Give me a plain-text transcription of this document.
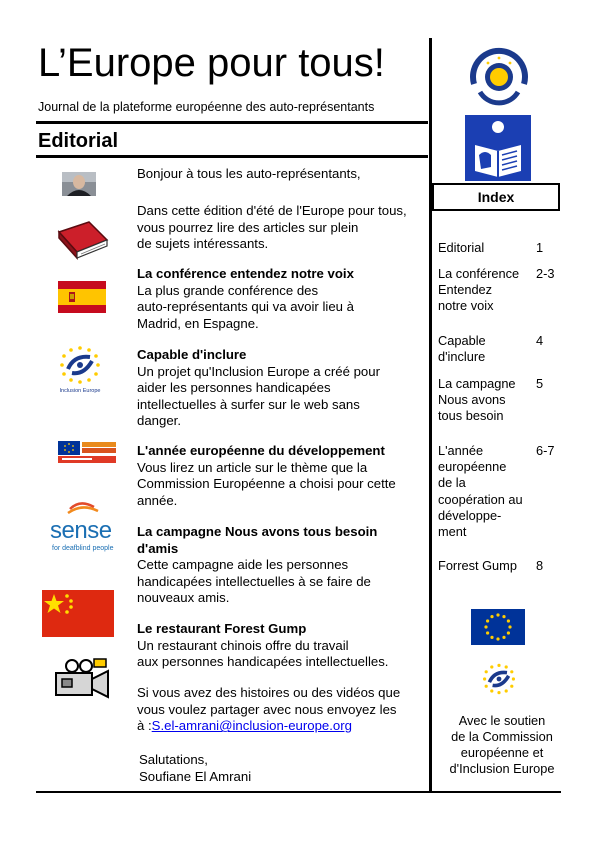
L’Europe pour tous!
Journal de la plateforme européenne des auto-représentants
Editorial
Inclusion Europe
sense
for deafblind people
Bonjour à tous les auto-représentants,
Dans cette édition d'été de l'Europe pour tous,
vous pourrez lire des articles sur plein
de sujets intéressants.
La conférence entendez notre voix
La plus grande conférence des
auto-représentants qui va avoir lieu à
Madrid, en Espagne.
Capable d'inclure
Un projet qu'Inclusion Europe a créé pour
aider les personnes handicapées
intellectuelles à surfer sur le web sans
danger.
L'année européenne du développement
Vous lirez un article sur le thème que la
Commission Européenne a choisi pour cette
année.
La campagne Nous avons tous besoin
d'amis
Cette campagne aide les personnes
handicapées intellectuelles à se faire de
nouveaux amis.
Le restaurant Forest Gump
Un restaurant chinois offre du travail
aux personnes handicapées intellectuelles.
Si vous avez des histoires ou des vidéos que
vous voulez partager avec nous envoyez les
à :S.el-amrani@inclusion-europe.org
Salutations,
Soufiane El Amrani
Index
Editorial	1
La conférence
Entendez
notre voix
2-3
Capable
d'inclure
4
La campagne
Nous avons
tous besoin
5
L'année
européenne
de la
coopération au
développe-
ment
6-7
Forrest Gump	8
Avec le soutien
de la Commission
européenne et
d'Inclusion Europe
